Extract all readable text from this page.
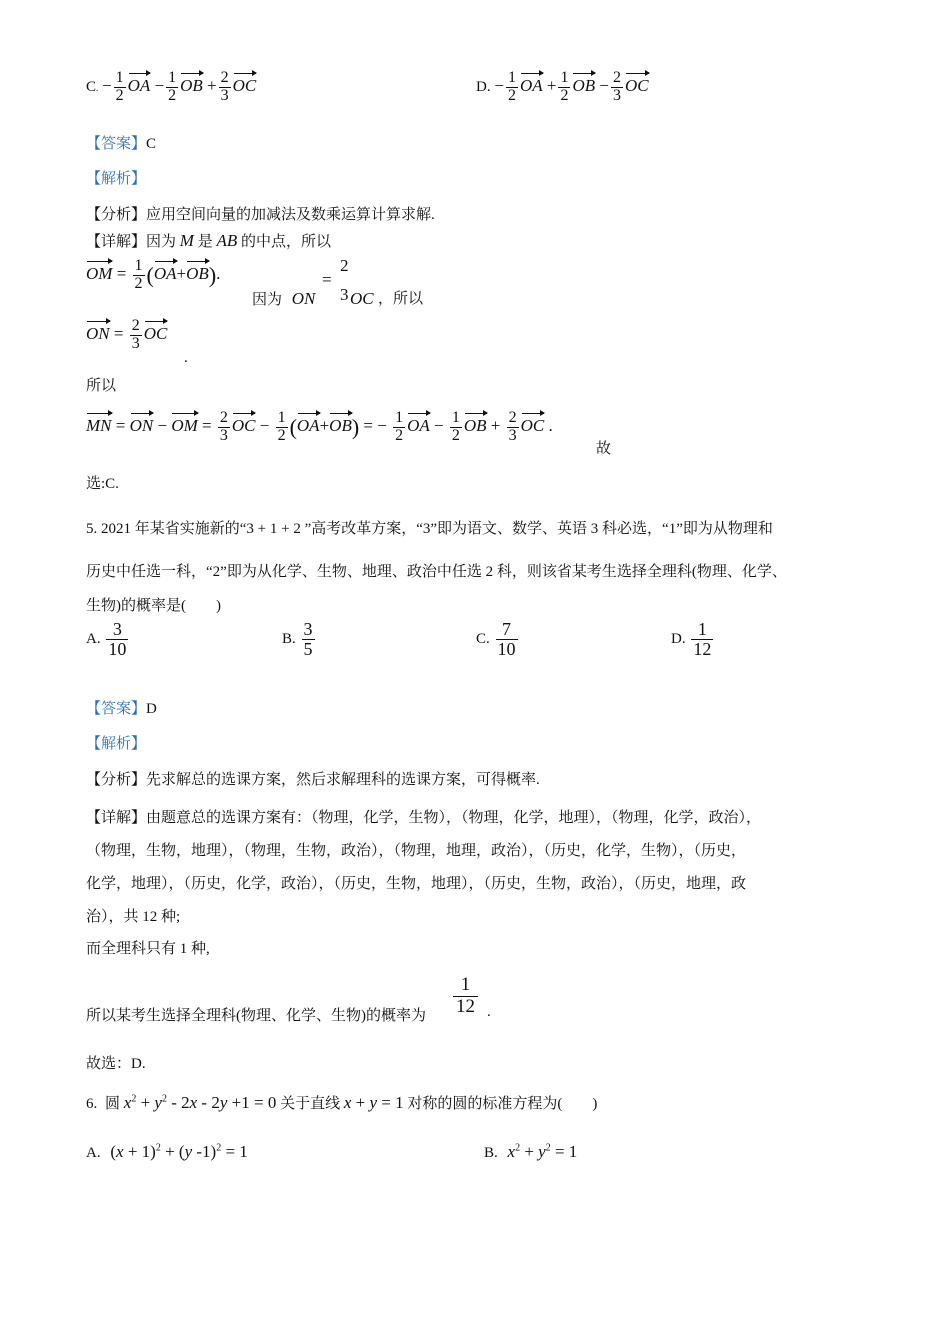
C. − $\frac{1}{2}$ OA − $\frac{1}{2}$ OB + $\frac{2}{3}$ OC	D. − $\frac{1}{2}$ OA + $\frac{1}{2}$ OB − $\frac{2}{3}$ OC
【答案】C
【解析】
【分析】应用空间向量的加减法及数乘运算计算求解.
【详解】因为 M 是 AB 的中点，所以
OM = $\frac{1}{2} (OA+OB)$.
因为 ON
=
2
3 OC ，所以
ON = $\frac{2}{3}$ OC
.
所以
MN = ON − OM = $\frac{2}{3}$ OC − $\frac{1}{2} (OA+OB)$ = − $\frac{1}{2}$ OA − $\frac{1}{2}$ OB + $\frac{2}{3}$ OC .
故
选:C.
5. 2021 年某省实施新的“3 + 1 + 2 ”高考改革方案，“3”即为语文、数学、英语 3 科必选，“1”即为从物理和
历史中任选一科，“2”即为从化学、生物、地理、政治中任选 2 科，则该省某考生选择全理科(物理、化学、
生物)的概率是(　　)
A. $\frac{3}{10}$	B. $\frac{3}{5}$	C. $\frac{7}{10}$	D. $\frac{1}{12}$
【答案】D
【解析】
【分析】先求解总的选课方案，然后求解理科的选课方案，可得概率.
【详解】由题意总的选课方案有：（物理，化学，生物），（物理，化学，地理），（物理，化学，政治），
（物理，生物，地理），（物理，生物，政治），（物理，地理，政治），（历史，化学，生物），（历史，
化学，地理），（历史，化学，政治），（历史，生物，地理），（历史，生物，政治），（历史，地理，政
治），共 12 种;
而全理科只有 1 种,
所以某考生选择全理科(物理、化学、生物)的概率为 $\frac{1}{12}$ .
故选：D.
6. 圆 $x^2 + y^2 - 2x - 2y +1 = 0$ 关于直线 x + y = 1 对称的圆的标准方程为(　　)
A. $(x + 1)^2 + (y$ -1)$^2$ = 1	B. $x^2 + y^2 = 1$
